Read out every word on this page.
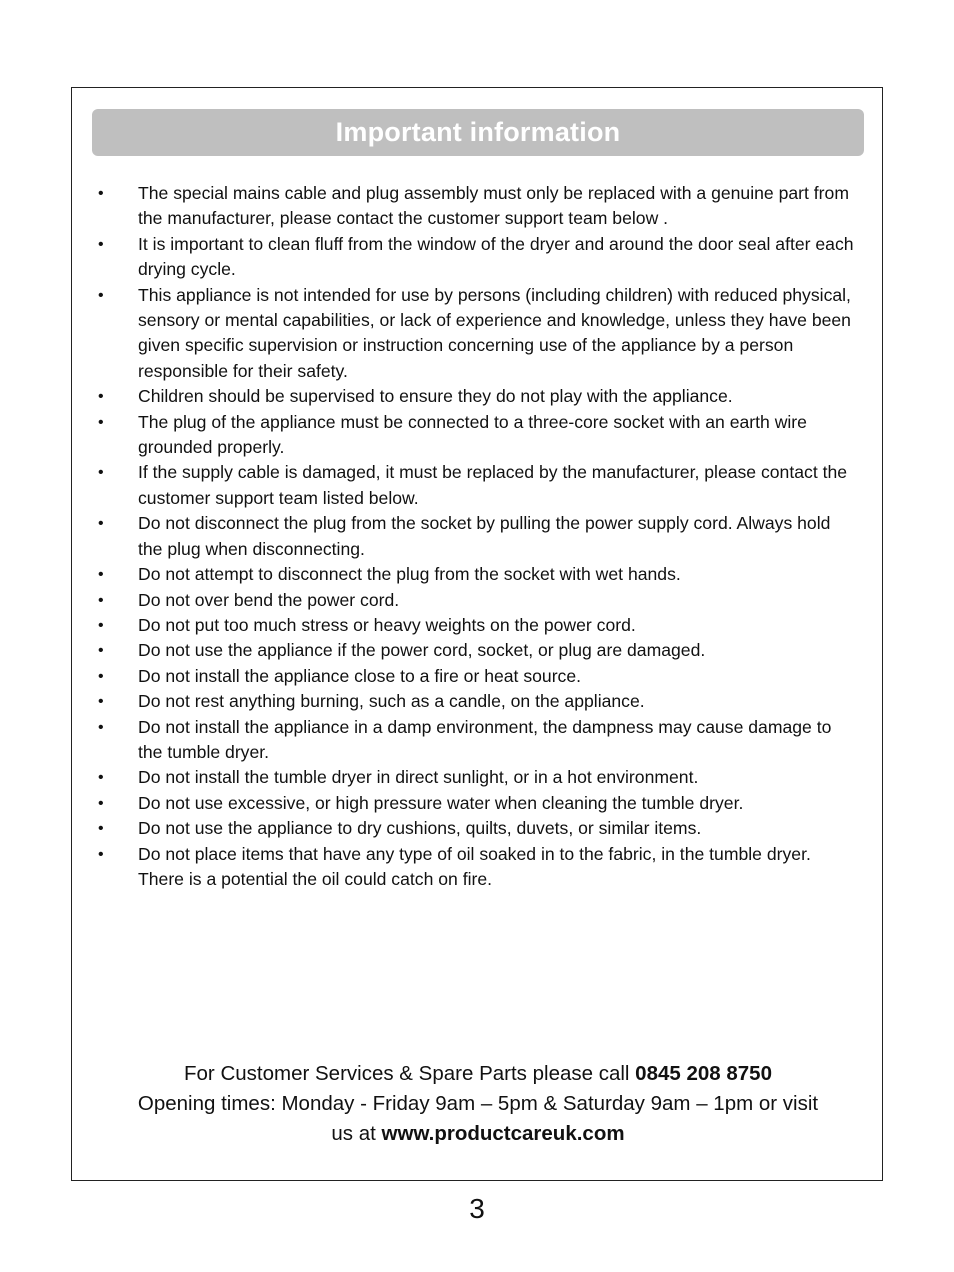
Important information
• The special mains cable and plug assembly must only be replaced with a genuine part from the manufacturer, please contact the customer support team below .
• It is important to clean fluff from the window of the dryer and around the door seal after each drying cycle.
• This appliance is not intended for use by persons (including children) with reduced physical, sensory or mental capabilities, or lack of experience and knowledge, unless they have been given specific supervision or instruction concerning use of the appliance by a person responsible for their safety.
• Children should be supervised to ensure they do not play with the appliance.
• The plug of the appliance must be connected to a three-core socket with an earth wire grounded properly.
• If the supply cable is damaged, it must be replaced by the manufacturer, please contact the customer support team listed below.
• Do not disconnect the plug from the socket by pulling the power supply cord. Always hold the plug when disconnecting.
• Do not attempt to disconnect the plug from the socket with wet hands.
• Do not over bend the power cord.
• Do not put too much stress or heavy weights on the power cord.
• Do not use the appliance if the power cord, socket, or plug are damaged.
• Do not install the appliance close to a fire or heat source.
• Do not rest anything burning, such as a candle, on the appliance.
• Do not install the appliance in a damp environment, the dampness may cause damage to the tumble dryer.
• Do not install the tumble dryer in direct sunlight, or in a hot environment.
• Do not use excessive, or high pressure water when cleaning the tumble dryer.
• Do not use the appliance to dry cushions, quilts, duvets, or similar items.
• Do not place items that have any type of oil soaked in to the fabric, in the tumble dryer. There is a potential the oil could catch on fire.
For Customer Services & Spare Parts please call 0845 208 8750
Opening times: Monday - Friday 9am – 5pm & Saturday 9am – 1pm or visit
us at www.productcareuk.com
3
